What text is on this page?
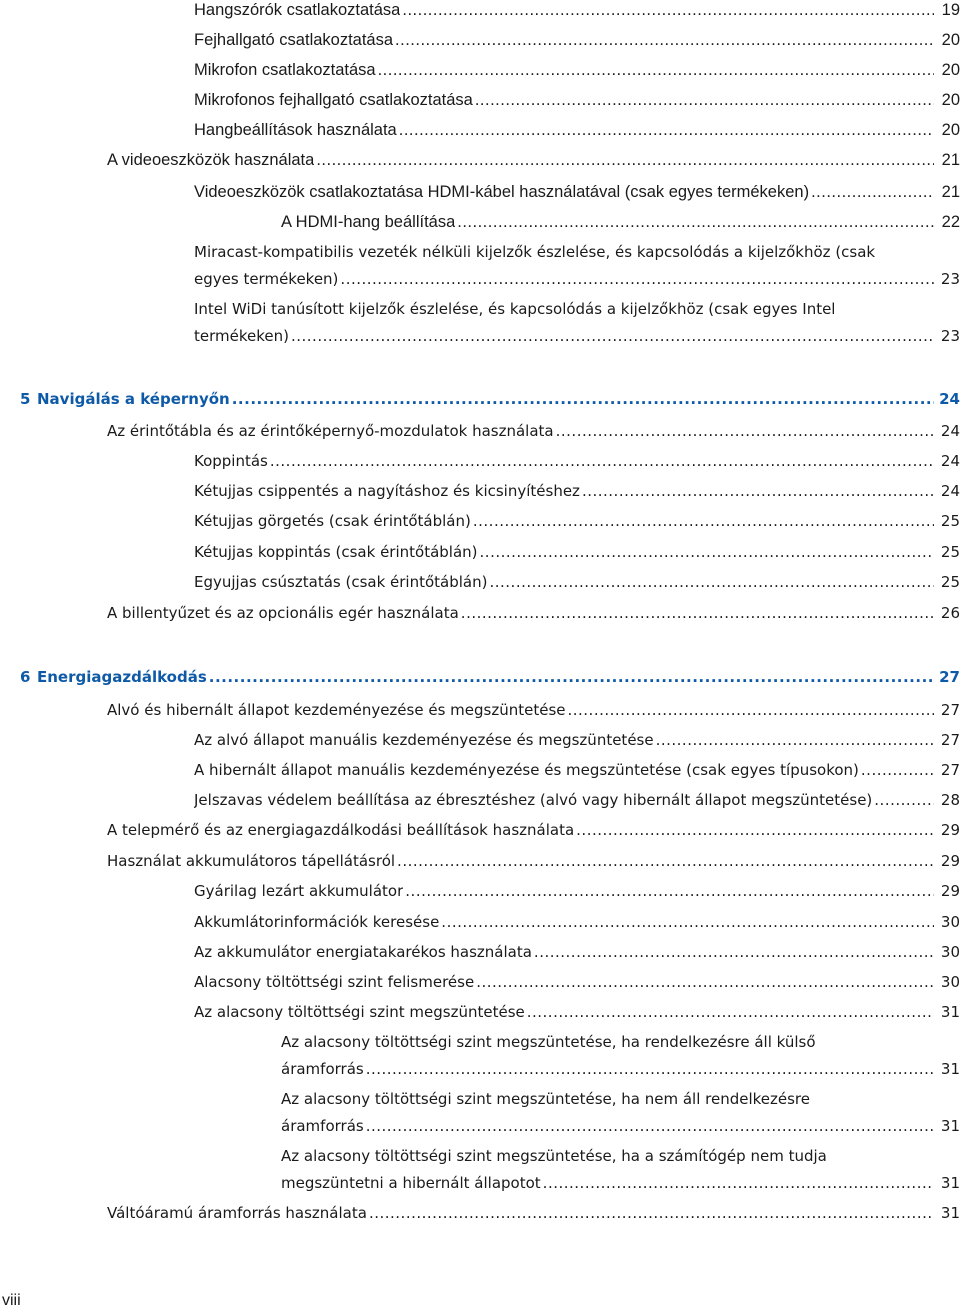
Hangszórók csatlakoztatása .....	19
Fejhallgató csatlakoztatása .....	20
Mikrofon csatlakoztatása .....	20
Mikrofonos fejhallgató csatlakoztatása .....	20
Hangbeállítások használata .....	20
A videoeszközök használata .....	21
Videoeszközök csatlakoztatása HDMI-kábel használatával (csak egyes termékeken) .....	21
A HDMI-hang beállítása .....	22
Miracast-kompatibilis vezeték nélküli kijelzők észlelése, és kapcsolódás a kijelzőkhöz (csak
egyes termékeken) .....	23
Intel WiDi tanúsított kijelzők észlelése, és kapcsolódás a kijelzőkhöz (csak egyes Intel
termékeken) .....	23
5 Navigálás a képernyőn .....	24
Az érintőtábla és az érintőképernyő-mozdulatok használata .....	24
Koppintás .....	24
Kétujjas csippentés a nagyításhoz és kicsinyítéshez .....	24
Kétujjas görgetés (csak érintőtáblán) .....	25
Kétujjas koppintás (csak érintőtáblán) .....	25
Egyujjas csúsztatás (csak érintőtáblán) .....	25
A billentyűzet és az opcionális egér használata .....	26
6 Energiagazdálkodás .....	27
Alvó és hibernált állapot kezdeményezése és megszüntetése .....	27
Az alvó állapot manuális kezdeményezése és megszüntetése .....	27
A hibernált állapot manuális kezdeményezése és megszüntetése (csak egyes típusokon) .....	27
Jelszavas védelem beállítása az ébresztéshez (alvó vagy hibernált állapot megszüntetése) .....	28
A telepmérő és az energiagazdálkodási beállítások használata .....	29
Használat akkumulátoros tápellátásról .....	29
Gyárilag lezárt akkumulátor .....	29
Akkumlátorinformációk keresése .....	30
Az akkumulátor energiatakarékos használata .....	30
Alacsony töltöttségi szint felismerése .....	30
Az alacsony töltöttségi szint megszüntetése .....	31
Az alacsony töltöttségi szint megszüntetése, ha rendelkezésre áll külső
áramforrás .....	31
Az alacsony töltöttségi szint megszüntetése, ha nem áll rendelkezésre
áramforrás .....	31
Az alacsony töltöttségi szint megszüntetése, ha a számítógép nem tudja
megszüntetni a hibernált állapotot .....	31
Váltóáramú áramforrás használata .....	31
viii
